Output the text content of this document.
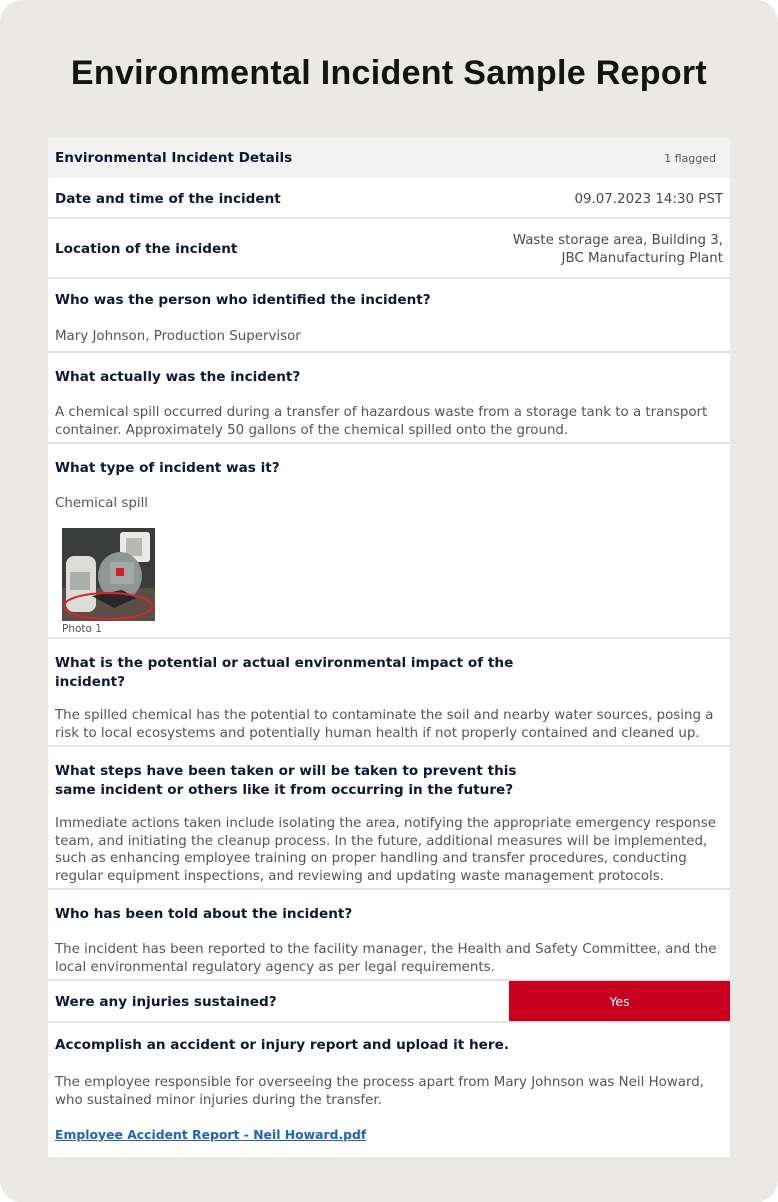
Environmental Incident Sample Report
Environmental Incident Details	1 flagged
Date and time of the incident	09.07.2023 14:30 PST
Location of the incident
Waste storage area, Building 3,
JBC Manufacturing Plant
Who was the person who identified the incident?
Mary Johnson, Production Supervisor
What actually was the incident?
A chemical spill occurred during a transfer of hazardous waste from a storage tank to a transport
container. Approximately 50 gallons of the chemical spilled onto the ground.
What type of incident was it?
Chemical spill
Photo 1
What is the potential or actual environmental impact of the
incident?
The spilled chemical has the potential to contaminate the soil and nearby water sources, posing a
risk to local ecosystems and potentially human health if not properly contained and cleaned up.
What steps have been taken or will be taken to prevent this
same incident or others like it from occurring in the future?
Immediate actions taken include isolating the area, notifying the appropriate emergency response
team, and initiating the cleanup process. In the future, additional measures will be implemented,
such as enhancing employee training on proper handling and transfer procedures, conducting
regular equipment inspections, and reviewing and updating waste management protocols.
Who has been told about the incident?
The incident has been reported to the facility manager, the Health and Safety Committee, and the
local environmental regulatory agency as per legal requirements.
Were any injuries sustained?	Yes
Accomplish an accident or injury report and upload it here.
The employee responsible for overseeing the process apart from Mary Johnson was Neil Howard,
who sustained minor injuries during the transfer.
Employee Accident Report - Neil Howard.pdf
